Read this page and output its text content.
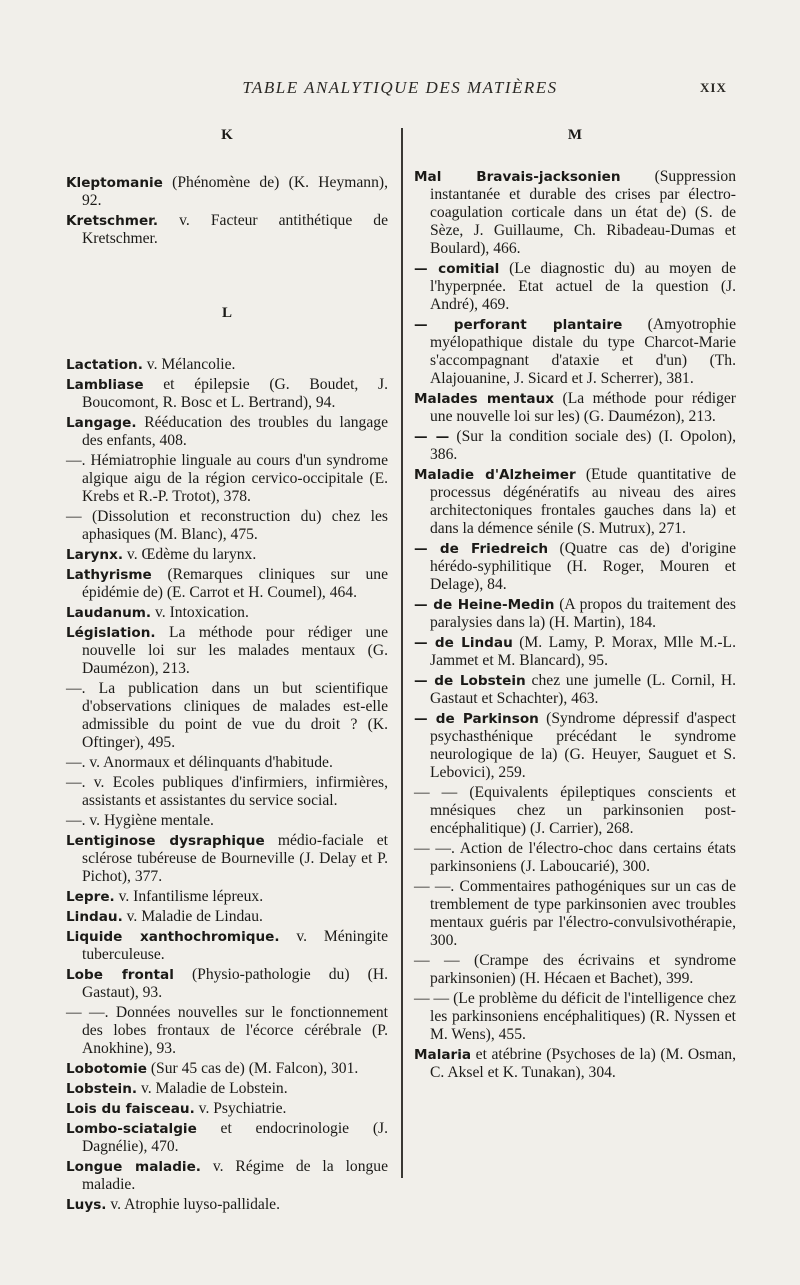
TABLE ANALYTIQUE DES MATIÈRES	XIX
K
Kleptomanie (Phénomène de) (K. Heymann), 92.
Kretschmer. v. Facteur antithétique de Kretschmer.
L
Lactation. v. Mélancolie.
Lambliase et épilepsie (G. Boudet, J. Boucomont, R. Bosc et L. Bertrand), 94.
Langage. Rééducation des troubles du langage des enfants, 408.
—. Hémiatrophie linguale au cours d'un syndrome algique aigu de la région cervico-occipitale (E. Krebs et R.-P. Trotot), 378.
— (Dissolution et reconstruction du) chez les aphasiques (M. Blanc), 475.
Larynx. v. Œdème du larynx.
Lathyrisme (Remarques cliniques sur une épidémie de) (E. Carrot et H. Coumel), 464.
Laudanum. v. Intoxication.
Législation. La méthode pour rédiger une nouvelle loi sur les malades mentaux (G. Daumézon), 213.
—. La publication dans un but scientifique d'observations cliniques de malades est-elle admissible du point de vue du droit ? (K. Oftinger), 495.
—. v. Anormaux et délinquants d'habitude.
—. v. Ecoles publiques d'infirmiers, infirmières, assistants et assistantes du service social.
—. v. Hygiène mentale.
Lentiginose dysraphique médio-faciale et sclérose tubéreuse de Bourneville (J. Delay et P. Pichot), 377.
Lepre. v. Infantilisme lépreux.
Lindau. v. Maladie de Lindau.
Liquide xanthochromique. v. Méningite tuberculeuse.
Lobe frontal (Physio-pathologie du) (H. Gastaut), 93.
— —. Données nouvelles sur le fonctionnement des lobes frontaux de l'écorce cérébrale (P. Anokhine), 93.
Lobotomie (Sur 45 cas de) (M. Falcon), 301.
Lobstein. v. Maladie de Lobstein.
Lois du faisceau. v. Psychiatrie.
Lombo-sciatalgie et endocrinologie (J. Dagnélie), 470.
Longue maladie. v. Régime de la longue maladie.
Luys. v. Atrophie luyso-pallidale.
M
Mal Bravais-jacksonien (Suppression instantanée et durable des crises par électro-coagulation corticale dans un état de) (S. de Sèze, J. Guillaume, Ch. Ribadeau-Dumas et Boulard), 466.
— comitial (Le diagnostic du) au moyen de l'hyperpnée. Etat actuel de la question (J. André), 469.
— perforant plantaire (Amyotrophie myélopathique distale du type Charcot-Marie s'accompagnant d'ataxie et d'un) (Th. Alajouanine, J. Sicard et J. Scherrer), 381.
Malades mentaux (La méthode pour rédiger une nouvelle loi sur les) (G. Daumézon), 213.
— — (Sur la condition sociale des) (I. Opolon), 386.
Maladie d'Alzheimer (Etude quantitative de processus dégénératifs au niveau des aires architectoniques frontales gauches dans la) et dans la démence sénile (S. Mutrux), 271.
— de Friedreich (Quatre cas de) d'origine hérédo-syphilitique (H. Roger, Mouren et Delage), 84.
— de Heine-Medin (A propos du traitement des paralysies dans la) (H. Martin), 184.
— de Lindau (M. Lamy, P. Morax, Mlle M.-L. Jammet et M. Blancard), 95.
— de Lobstein chez une jumelle (L. Cornil, H. Gastaut et Schachter), 463.
— de Parkinson (Syndrome dépressif d'aspect psychasthénique précédant le syndrome neurologique de la) (G. Heuyer, Sauguet et S. Lebovici), 259.
— — (Equivalents épileptiques conscients et mnésiques chez un parkinsonien post-encéphalitique) (J. Carrier), 268.
— —. Action de l'électro-choc dans certains états parkinsoniens (J. Laboucarié), 300.
— —. Commentaires pathogéniques sur un cas de tremblement de type parkinsonien avec troubles mentaux guéris par l'électro-convulsivothérapie, 300.
— — (Crampe des écrivains et syndrome parkinsonien) (H. Hécaen et Bachet), 399.
— — (Le problème du déficit de l'intelligence chez les parkinsoniens encéphalitiques) (R. Nyssen et M. Wens), 455.
Malaria et atébrine (Psychoses de la) (M. Osman, C. Aksel et K. Tunakan), 304.
